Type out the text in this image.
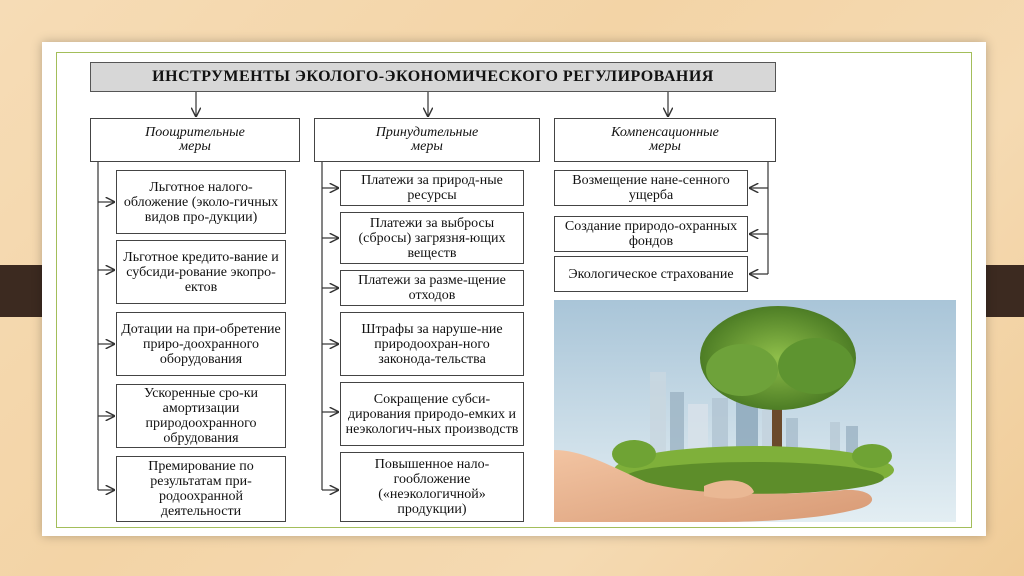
ИНСТРУМЕНТЫ ЭКОЛОГО-ЭКОНОМИЧЕСКОГО РЕГУЛИРОВАНИЯ
Поощрительные
меры
Принудительные
меры
Компенсационные
меры
Льготное налого-обложение (эколо-гичных видов про-дукции)
Льготное кредито-вание и субсиди-рование экопро-ектов
Дотации на при-обретение приро-доохранного оборудования
Ускоренные сро-ки амортизации природоохранного обрудования
Премирование по результатам при-родоохранной деятельности
Платежи за природ-ные ресурсы
Платежи за выбросы (сбросы) загрязня-ющих веществ
Платежи за разме-щение отходов
Штрафы за наруше-ние природоохран-ного законода-тельства
Сокращение субси-дирования природо-емких и неэкологич-ных производств
Повышенное нало-гообложение («неэкологичной» продукции)
Возмещение нане-сенного ущерба
Создание природо-охранных фондов
Экологическое страхование
